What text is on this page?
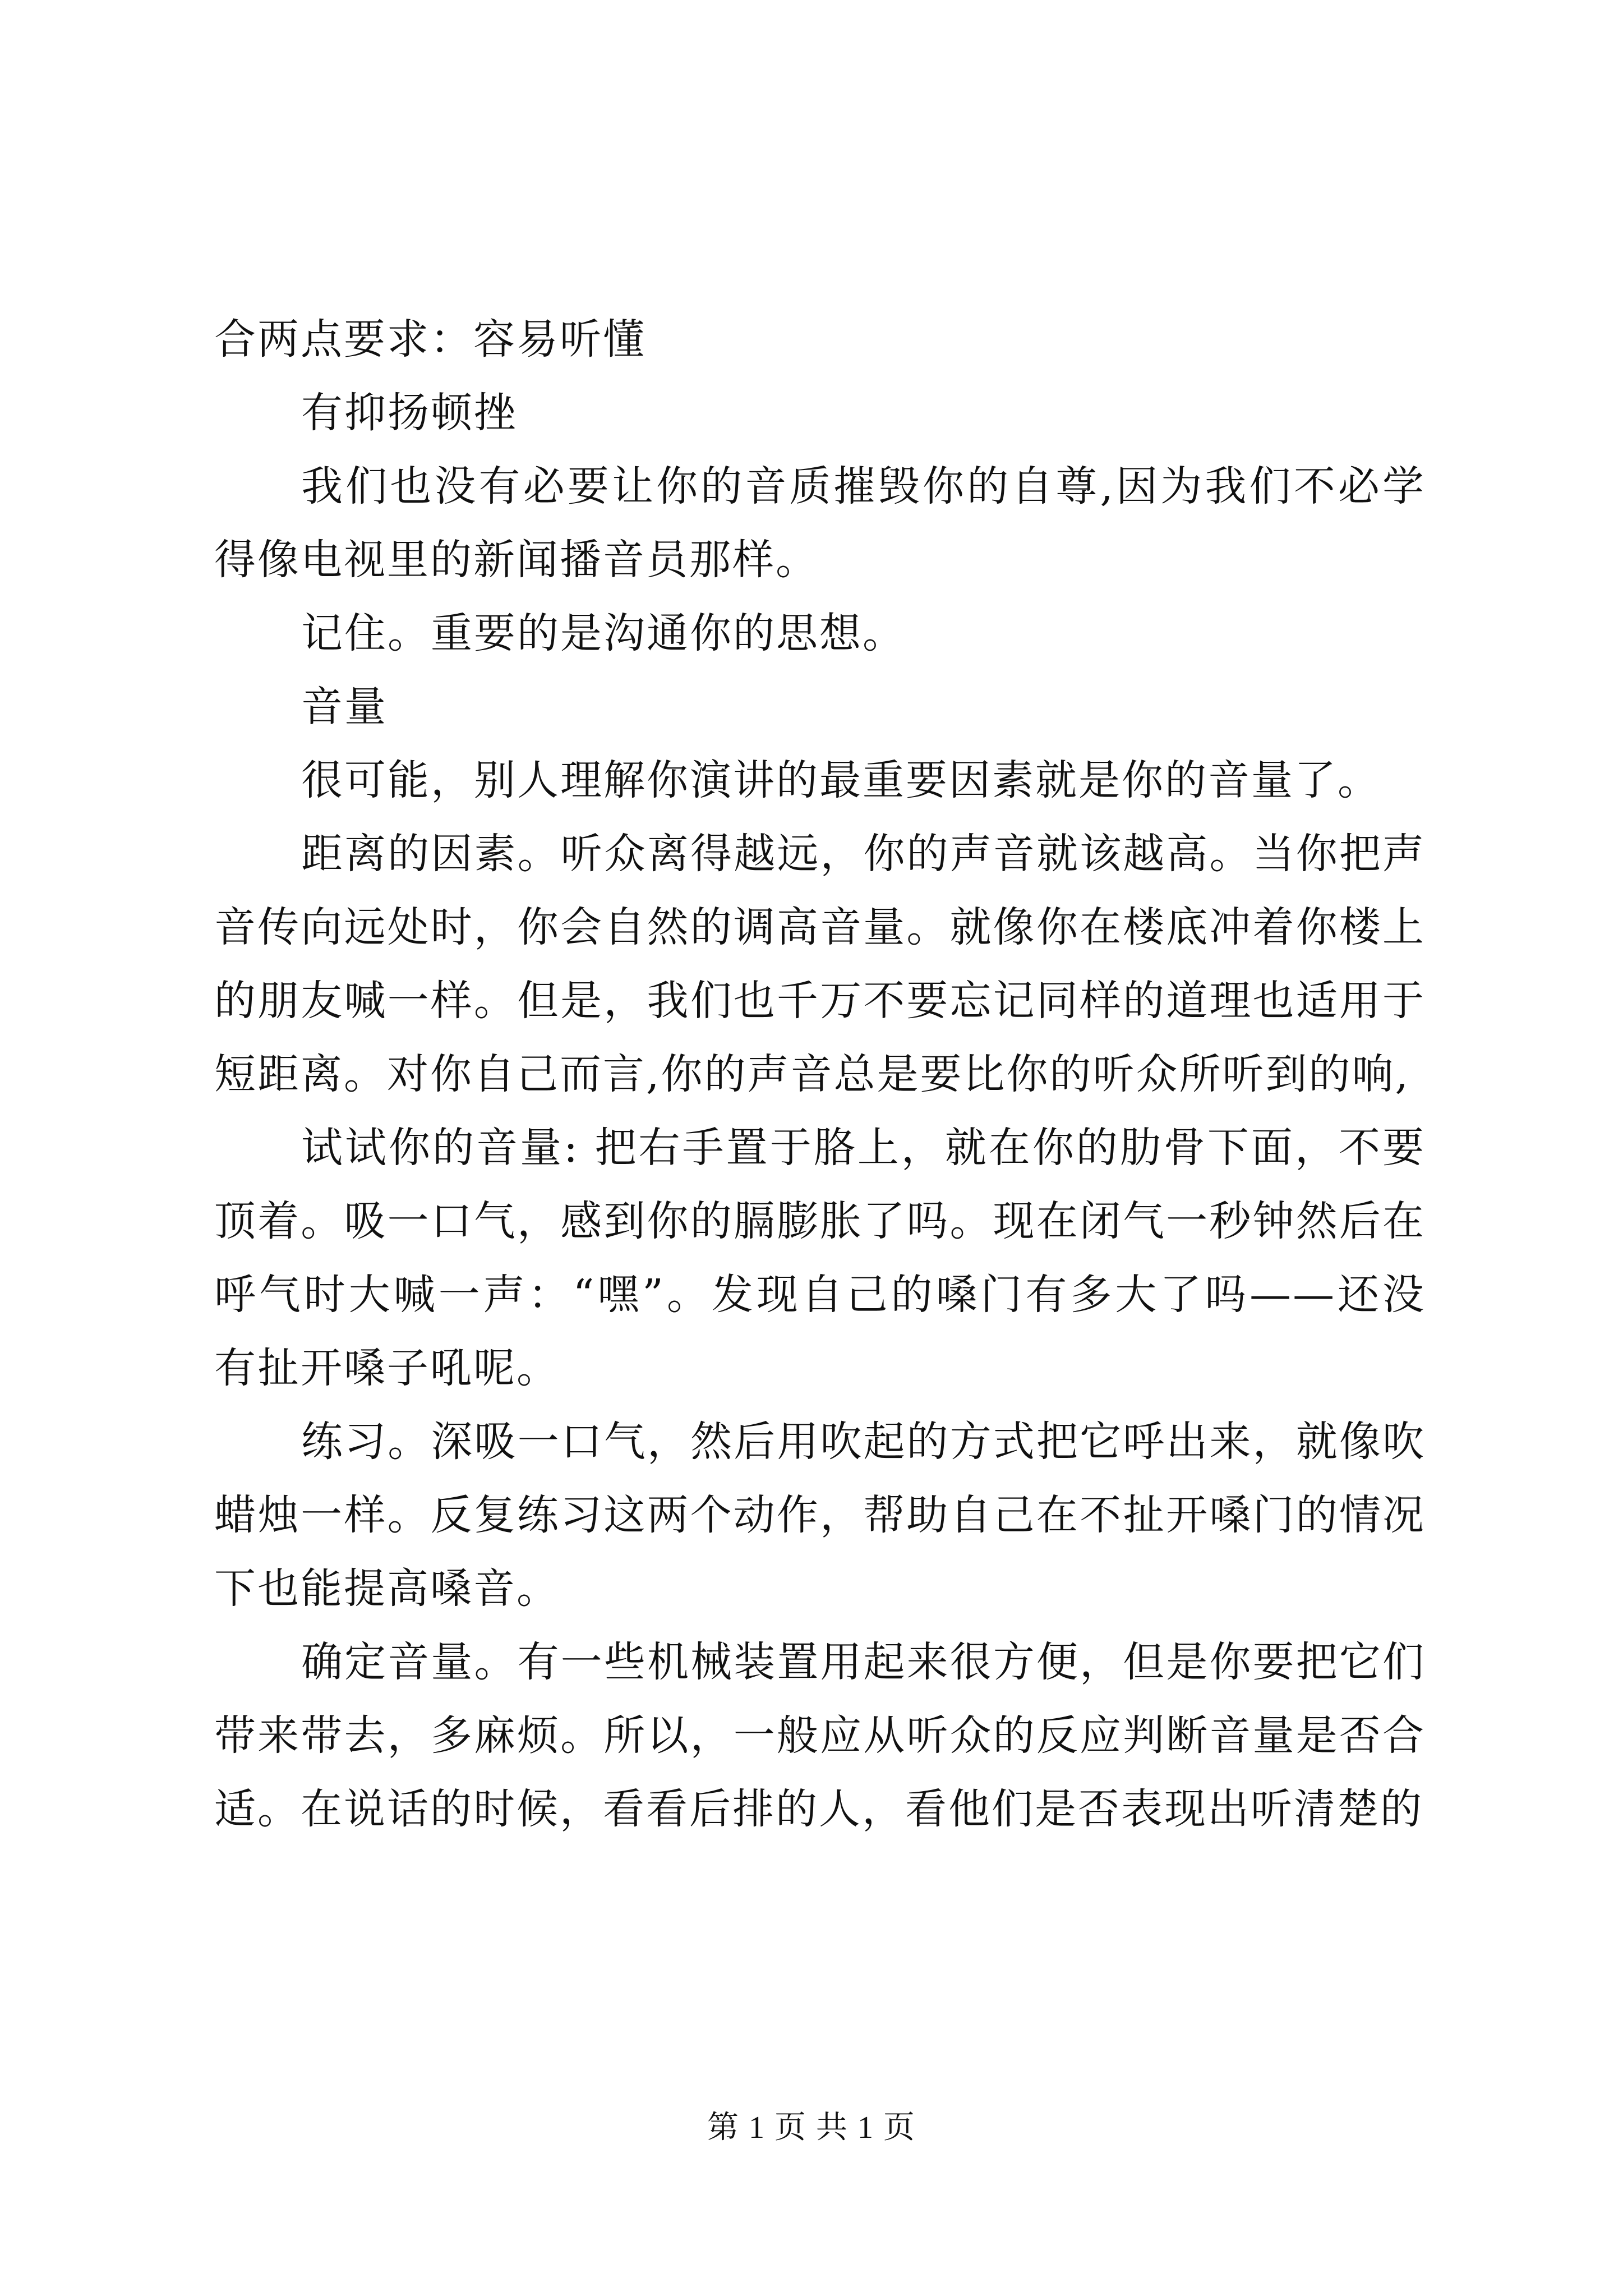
合两点要求：容易听懂

有抑扬顿挫

我们也没有必要让你的音质摧毁你的自尊,因为我们不必学得像电视里的新闻播音员那样。

记住。重要的是沟通你的思想。

音量

很可能，别人理解你演讲的最重要因素就是你的音量了。

距离的因素。听众离得越远，你的声音就该越高。当你把声音传向远处时，你会自然的调高音量。就像你在楼底冲着你楼上的朋友喊一样。但是，我们也千万不要忘记同样的道理也适用于短距离。对你自己而言,你的声音总是要比你的听众所听到的响,

试试你的音量: 把右手置于胳上，就在你的肋骨下面，不要顶着。吸一口气，感到你的膈膨胀了吗。现在闭气一秒钟然后在呼气时大喊一声：“嘿”。发现自己的嗓门有多大了吗——还没有扯开嗓子吼呢。

练习。深吸一口气，然后用吹起的方式把它呼出来，就像吹蜡烛一样。反复练习这两个动作，帮助自己在不扯开嗓门的情况下也能提高嗓音。

确定音量。有一些机械装置用起来很方便，但是你要把它们带来带去，多麻烦。所以，一般应从听众的反应判断音量是否合适。在说话的时候，看看后排的人，看他们是否表现出听清楚的

第 1 页 共 1 页
